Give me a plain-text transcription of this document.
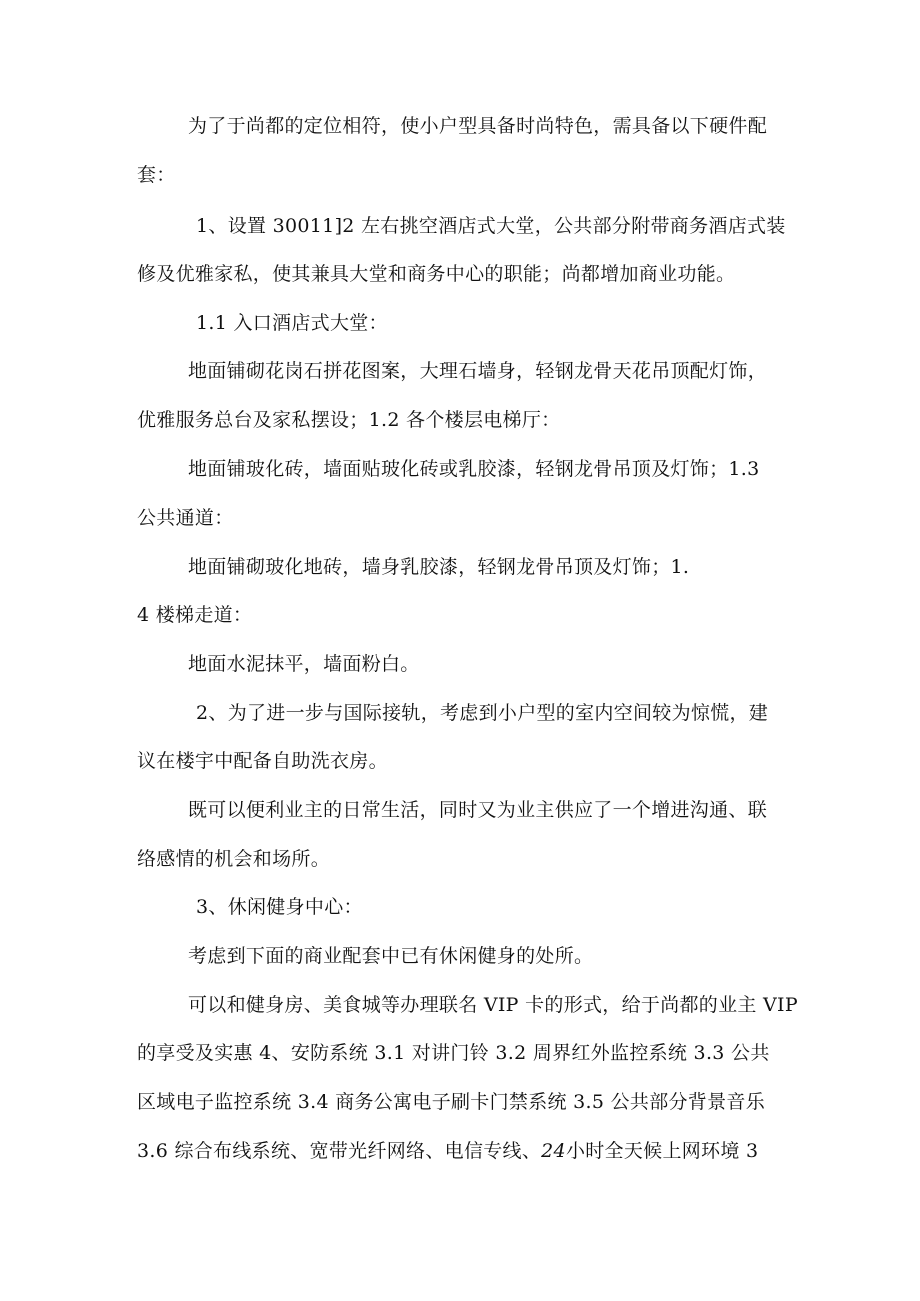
为了于尚都的定位相符，使小户型具备时尚特色，需具备以下硬件配

套：

1、设置 30011]2 左右挑空酒店式大堂，公共部分附带商务酒店式装

修及优雅家私，使其兼具大堂和商务中心的职能；尚都增加商业功能。

1.1 入口酒店式大堂：

地面铺砌花岗石拼花图案，大理石墙身，轻钢龙骨天花吊顶配灯饰，

优雅服务总台及家私摆设；1.2 各个楼层电梯厅：

地面铺玻化砖，墙面贴玻化砖或乳胶漆，轻钢龙骨吊顶及灯饰；1.3

公共通道：

地面铺砌玻化地砖，墙身乳胶漆，轻钢龙骨吊顶及灯饰；1.

4 楼梯走道：

地面水泥抹平，墙面粉白。

2、为了进一步与国际接轨，考虑到小户型的室内空间较为惊慌，建

议在楼宇中配备自助洗衣房。

既可以便利业主的日常生活，同时又为业主供应了一个增进沟通、联

络感情的机会和场所。

3、休闲健身中心：

考虑到下面的商业配套中已有休闲健身的处所。

可以和健身房、美食城等办理联名 VIP 卡的形式，给于尚都的业主 VIP

的享受及实惠 4、安防系统 3.1 对讲门铃 3.2 周界红外监控系统 3.3 公共

区域电子监控系统 3.4 商务公寓电子刷卡门禁系统 3.5 公共部分背景音乐

3.6 综合布线系统、宽带光纤网络、电信专线、24小时全天候上网环境 3
